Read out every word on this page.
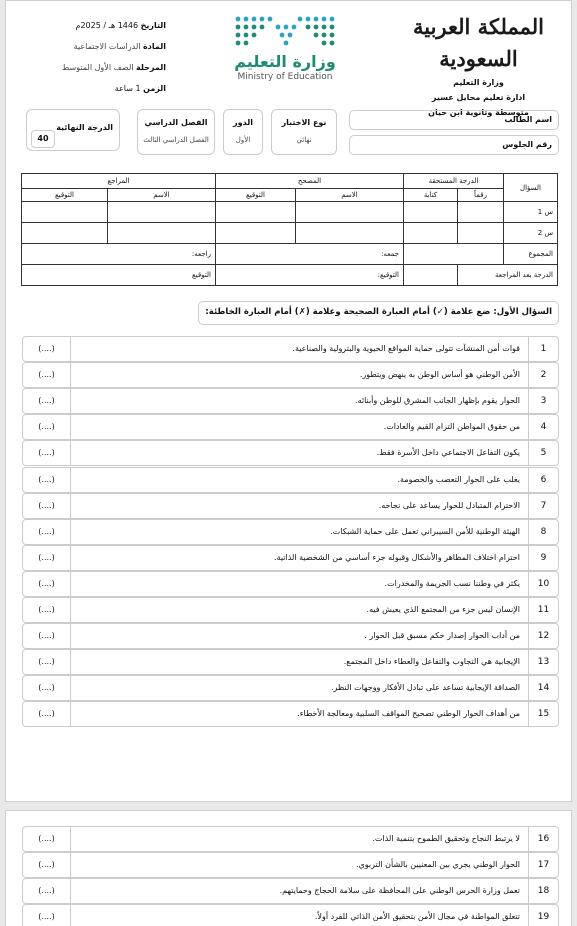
المملكة العربية السعودية
وزارة التعليم
ادارة تعليم محايل عسير
متوسطة وثانوية ابن حيان
وزارة التعليم
Ministry of Education
التاريخ 1446 هـ / 2025م
المادة الدراسات الاجتماعية
المرحلة الصف الأول المتوسط
الزمن 1 ساعة
اسم الطالب
رقم الجلوس
نوع الاختبار
نهائي
الدور
الأول
الفصل الدراسي
الفصل الدراسي الثالث
الدرجة النهائية
40
السؤال	الدرجة المستحقة		المصحح		المراجع	
	رقماً	كتابة	الاسم	التوقيع	الاسم	التوقيع
س 1						
س 2						
المجموع			جمعه:		راجعه:	
الدرجة بعد المراجعة			التوقيع:		التوقيع	
السؤال الأول: ضع علامة (✓) أمام العبارة الصحيحة وعلامة (✗) أمام العبارة الخاطئة:
1
قوات أمن المنشآت تتولى حماية المواقع الحيوية والبترولية والصناعية.
(....)
2
الأمن الوطني هو أساس الوطن به ينهض ويتطور.
(....)
3
الحوار يقوم بإظهار الجانب المشرق للوطن وأبنائه.
(....)
4
من حقوق المواطن التزام القيم والعادات.
(....)
5
يكون التفاعل الاجتماعي داخل الأسرة فقط.
(....)
6
يغلب على الحوار التعصب والخصومة.
(....)
7
الاحترام المتبادل للحوار يساعد على نجاحه.
(....)
8
الهيئة الوطنية للأمن السيبراني تعمل على حماية الشبكات.
(....)
9
احترام اختلاف المظاهر والأشكال وقبوله جزء أساسي من الشخصية الذاتية.
(....)
10
يكثر في وطننا نسب الجريمة والمخدرات.
(....)
11
الإنسان ليس جزء من المجتمع الذي يعيش فيه.
(....)
12
من أداب الحوار إصدار حكم مسبق قبل الحوار .
(....)
13
الإيجابية هي التجاوب والتفاعل والعطاء داخل المجتمع.
(....)
14
الصداقة الإيجابية تساعد على تبادل الأفكار ووجهات النظر.
(....)
15
من أهداف الحوار الوطني تصحيح المواقف السلبية ومعالجة الأخطاء.
(....)
16
لا يرتبط النجاح وتحقيق الطموح بتنمية الذات.
(....)
17
الحوار الوطني يجري بين المعنيين بالشأن التربوي.
(....)
18
تعمل وزارة الحرس الوطني على المحافظة على سلامة الحجاج وحمايتهم.
(....)
19
تتعلق المواطنة في مجال الأمن بتحقيق الأمن الذاتي للفرد أولاً.
(....)
